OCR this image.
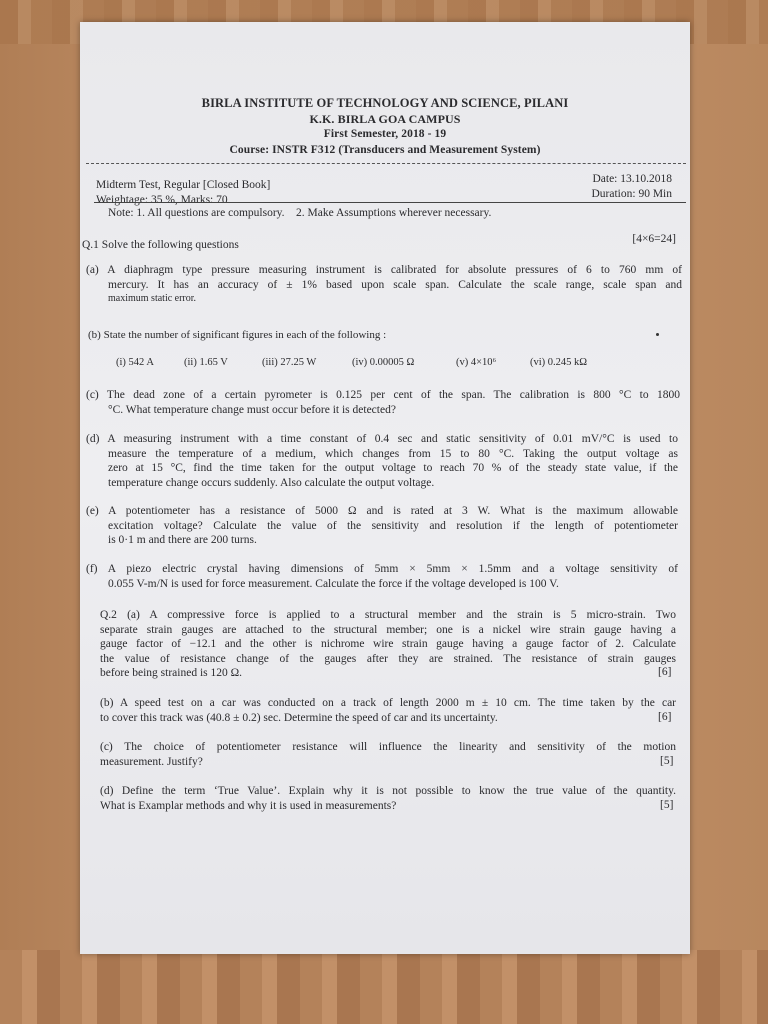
BIRLA INSTITUTE OF TECHNOLOGY AND SCIENCE, PILANI
K.K. BIRLA GOA CAMPUS
First Semester, 2018 - 19
Course: INSTR F312 (Transducers and Measurement System)
Midterm Test, Regular [Closed Book]
Weightage: 35 %, Marks: 70
Date: 13.10.2018
Duration: 90 Min
Note: 1. All questions are compulsory.    2. Make Assumptions wherever necessary.
Q.1 Solve the following questions	[4×6=24]
(a) A diaphragm type pressure measuring instrument is calibrated for absolute pressures of 6 to 760 mm of
mercury. It has an accuracy of ± 1% based upon scale span. Calculate the scale range, scale span and
maximum static error.
(b) State the number of significant figures in each of the following :
(i) 542 A	(ii) 1.65 V	(iii) 27.25 W	(iv) 0.00005 Ω	(v) 4×10⁶	(vi) 0.245 kΩ
(c) The dead zone of a certain pyrometer is 0.125 per cent of the span. The calibration is 800 °C to 1800
°C. What temperature change must occur before it is detected?
(d) A measuring instrument with a time constant of 0.4 sec and static sensitivity of 0.01 mV/°C is used to
measure the temperature of a medium, which changes from 15 to 80 °C. Taking the output voltage as
zero at 15 °C, find the time taken for the output voltage to reach 70 % of the steady state value, if the
temperature change occurs suddenly. Also calculate the output voltage.
(e) A potentiometer has a resistance of 5000 Ω and is rated at 3 W. What is the maximum allowable
excitation voltage? Calculate the value of the sensitivity and resolution if the length of potentiometer
is 0·1 m and there are 200 turns.
(f) A piezo electric crystal having dimensions of 5mm × 5mm × 1.5mm and a voltage sensitivity of
0.055 V-m/N is used for force measurement. Calculate the force if the voltage developed is 100 V.
Q.2 (a) A compressive force is applied to a structural member and the strain is 5 micro-strain. Two
separate strain gauges are attached to the structural member; one is a nickel wire strain gauge having a
gauge factor of −12.1 and the other is nichrome wire strain gauge having a gauge factor of 2. Calculate
the value of resistance change of the gauges after they are strained. The resistance of strain gauges
before being strained is 120 Ω.	[6]
(b) A speed test on a car was conducted on a track of length 2000 m ± 10 cm. The time taken by the car
to cover this track was (40.8 ± 0.2) sec. Determine the speed of car and its uncertainty.	[6]
(c) The choice of potentiometer resistance will influence the linearity and sensitivity of the motion
measurement. Justify?	[5]
(d) Define the term ‘True Value’. Explain why it is not possible to know the true value of the quantity.
What is Examplar methods and why it is used in measurements?	[5]
